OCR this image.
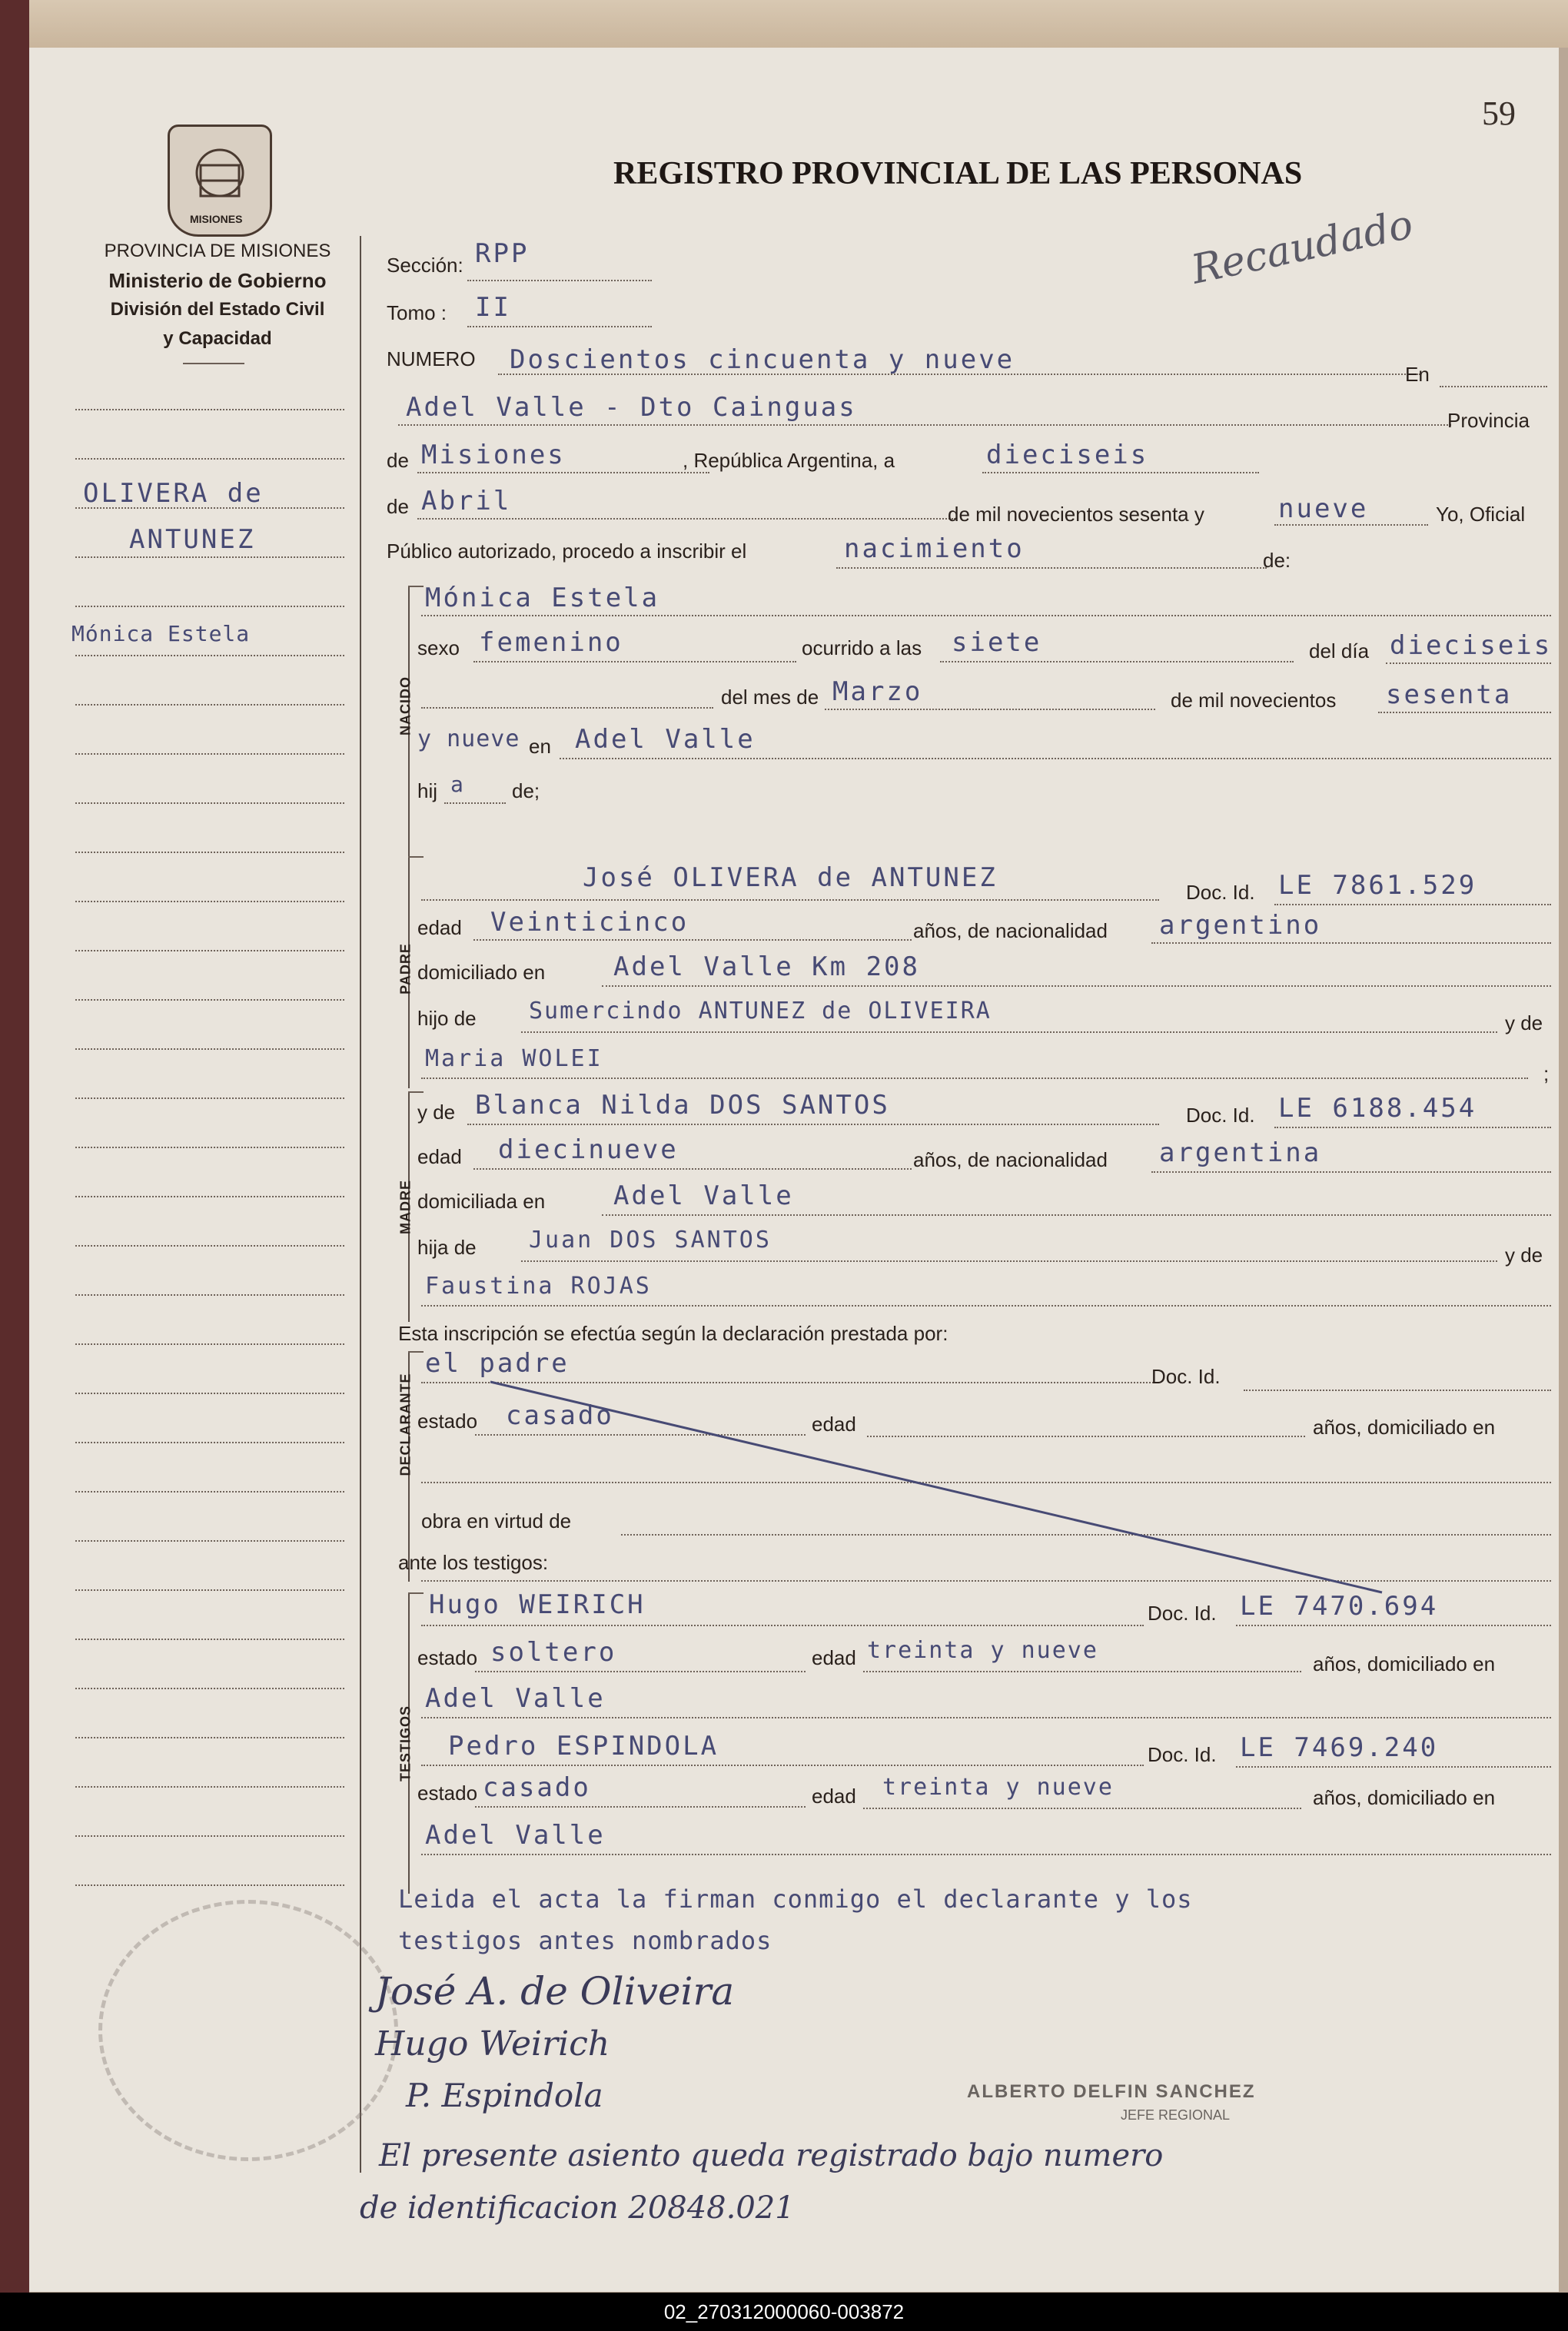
59
MISIONES
REGISTRO PROVINCIAL DE LAS PERSONAS
PROVINCIA DE MISIONES
Ministerio de Gobierno
División del Estado Civil
y Capacidad
Recaudado
OLIVERA de
ANTUNEZ
Mónica Estela
Sección: RPP
Tomo : II
NUMERO Doscientos cincuenta y nueve	En
Adel Valle - Dto Cainguas	Provincia
de Misiones	, República Argentina, a	dieciseis
de Abril	de mil novecientos sesenta y	nueve	Yo, Oficial
Público autorizado, procedo a inscribir el	nacimiento	de:
NACIDO
Mónica Estela
sexo femenino	ocurrido a las siete	del día dieciseis
del mes de Marzo	de mil novecientos sesenta
y nueve en Adel Valle
hij a de;
PADRE
José OLIVERA de ANTUNEZ	Doc. Id. LE 7861.529
edad Veinticinco	años, de nacionalidad argentino
domiciliado en	Adel Valle Km 208
hijo de Sumercindo ANTUNEZ de OLIVEIRA	y de
Maria WOLEI
;
MADRE
y de Blanca Nilda DOS SANTOS	Doc. Id. LE 6188.454
edad diecinueve	años, de nacionalidad argentina
domiciliada en	Adel Valle
hija de Juan DOS SANTOS
y de
Faustina ROJAS
Esta inscripción se efectúa según la declaración prestada por:
DECLARANTE
el padre	Doc. Id.
estado casado	edad	años, domiciliado en
obra en virtud de
ante los testigos:
TESTIGOS
Hugo WEIRICH	Doc. Id. LE 7470.694
estado soltero	edad treinta y nueve	años, domiciliado en
Adel Valle
Pedro ESPINDOLA	Doc. Id. LE 7469.240
estado casado	edad treinta y nueve	años, domiciliado en
Adel Valle
Leida el acta la firman conmigo el declarante y los
testigos antes nombrados
José A. de Oliveira
Hugo Weirich
P. Espindola	ALBERTO DELFIN SANCHEZ
JEFE REGIONAL
El presente asiento queda registrado bajo numero
de identificacion 20848.021
02_270312000060-003872
